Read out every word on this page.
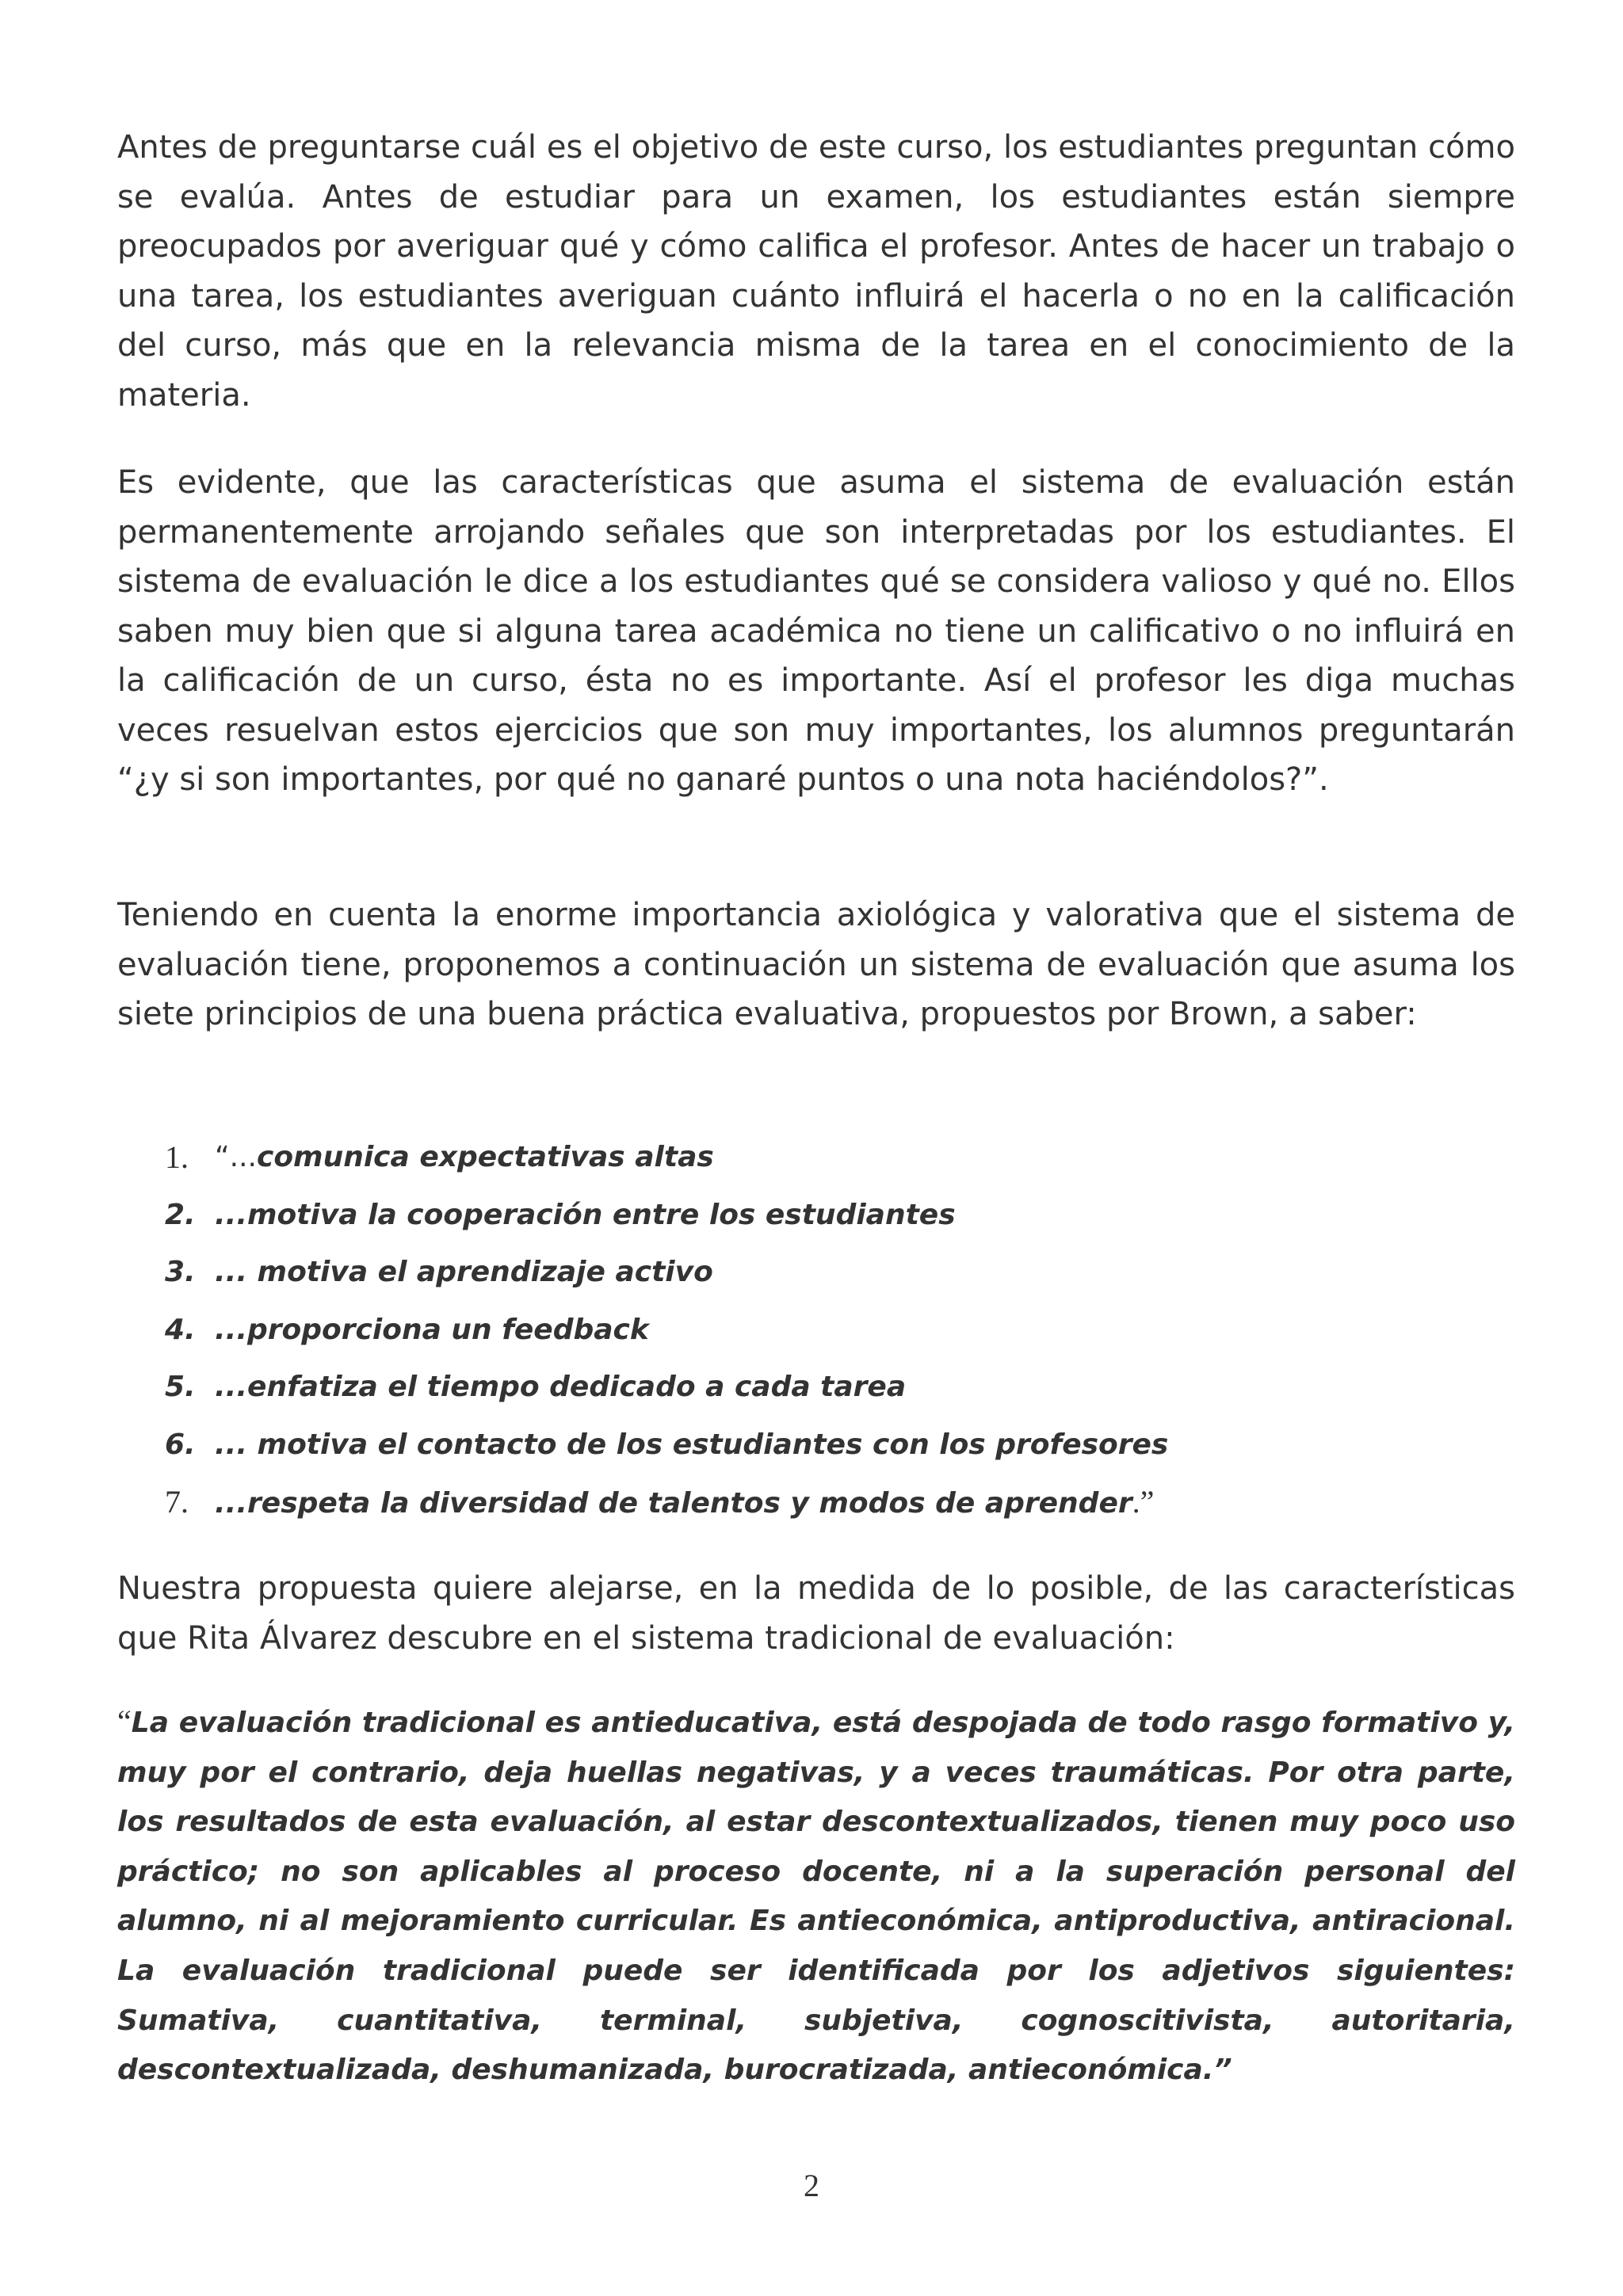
Antes de preguntarse cuál es el objetivo de este curso, los estudiantes preguntan cómo se evalúa. Antes de estudiar para un examen, los estudiantes están siempre preocupados por averiguar qué y cómo califica el profesor. Antes de hacer un trabajo o una tarea, los estudiantes averiguan cuánto influirá el hacerla o no en la calificación del curso, más que en la relevancia misma de la tarea en el conocimiento de la materia.

Es evidente, que las características que asuma el sistema de evaluación están permanentemente arrojando señales que son interpretadas por los estudiantes. El sistema de evaluación le dice a los estudiantes qué se considera valioso y qué no. Ellos saben muy bien que si alguna tarea académica no tiene un calificativo o no influirá en la calificación de un curso, ésta no es importante. Así el profesor les diga muchas veces resuelvan estos ejercicios que son muy importantes, los alumnos preguntarán “¿y si son importantes, por qué no ganaré puntos o una nota haciéndolos?”.

Teniendo en cuenta la enorme importancia axiológica y valorativa que el sistema de evaluación tiene, proponemos a continuación un sistema de evaluación que asuma los siete principios de una buena práctica evaluativa, propuestos por Brown, a saber:

1. “...comunica expectativas altas
2. ...motiva la cooperación entre los estudiantes
3. ... motiva el aprendizaje activo
4. ...proporciona un feedback
5. ...enfatiza el tiempo dedicado a cada tarea
6. ... motiva el contacto de los estudiantes con los profesores
7. ...respeta la diversidad de talentos y modos de aprender.”

Nuestra propuesta quiere alejarse, en la medida de lo posible, de las características que Rita Álvarez descubre en el sistema tradicional de evaluación:

“La evaluación tradicional es antieducativa, está despojada de todo rasgo formativo y, muy por el contrario, deja huellas negativas, y a veces traumáticas. Por otra parte, los resultados de esta evaluación, al estar descontextualizados, tienen muy poco uso práctico; no son aplicables al proceso docente, ni a la superación personal del alumno, ni al mejoramiento curricular. Es antieconómica, antiproductiva, antiracional. La evaluación tradicional puede ser identificada por los adjetivos siguientes: Sumativa, cuantitativa, terminal, subjetiva, cognoscitivista, autoritaria, descontextualizada, deshumanizada, burocratizada, antieconómica.”

2
